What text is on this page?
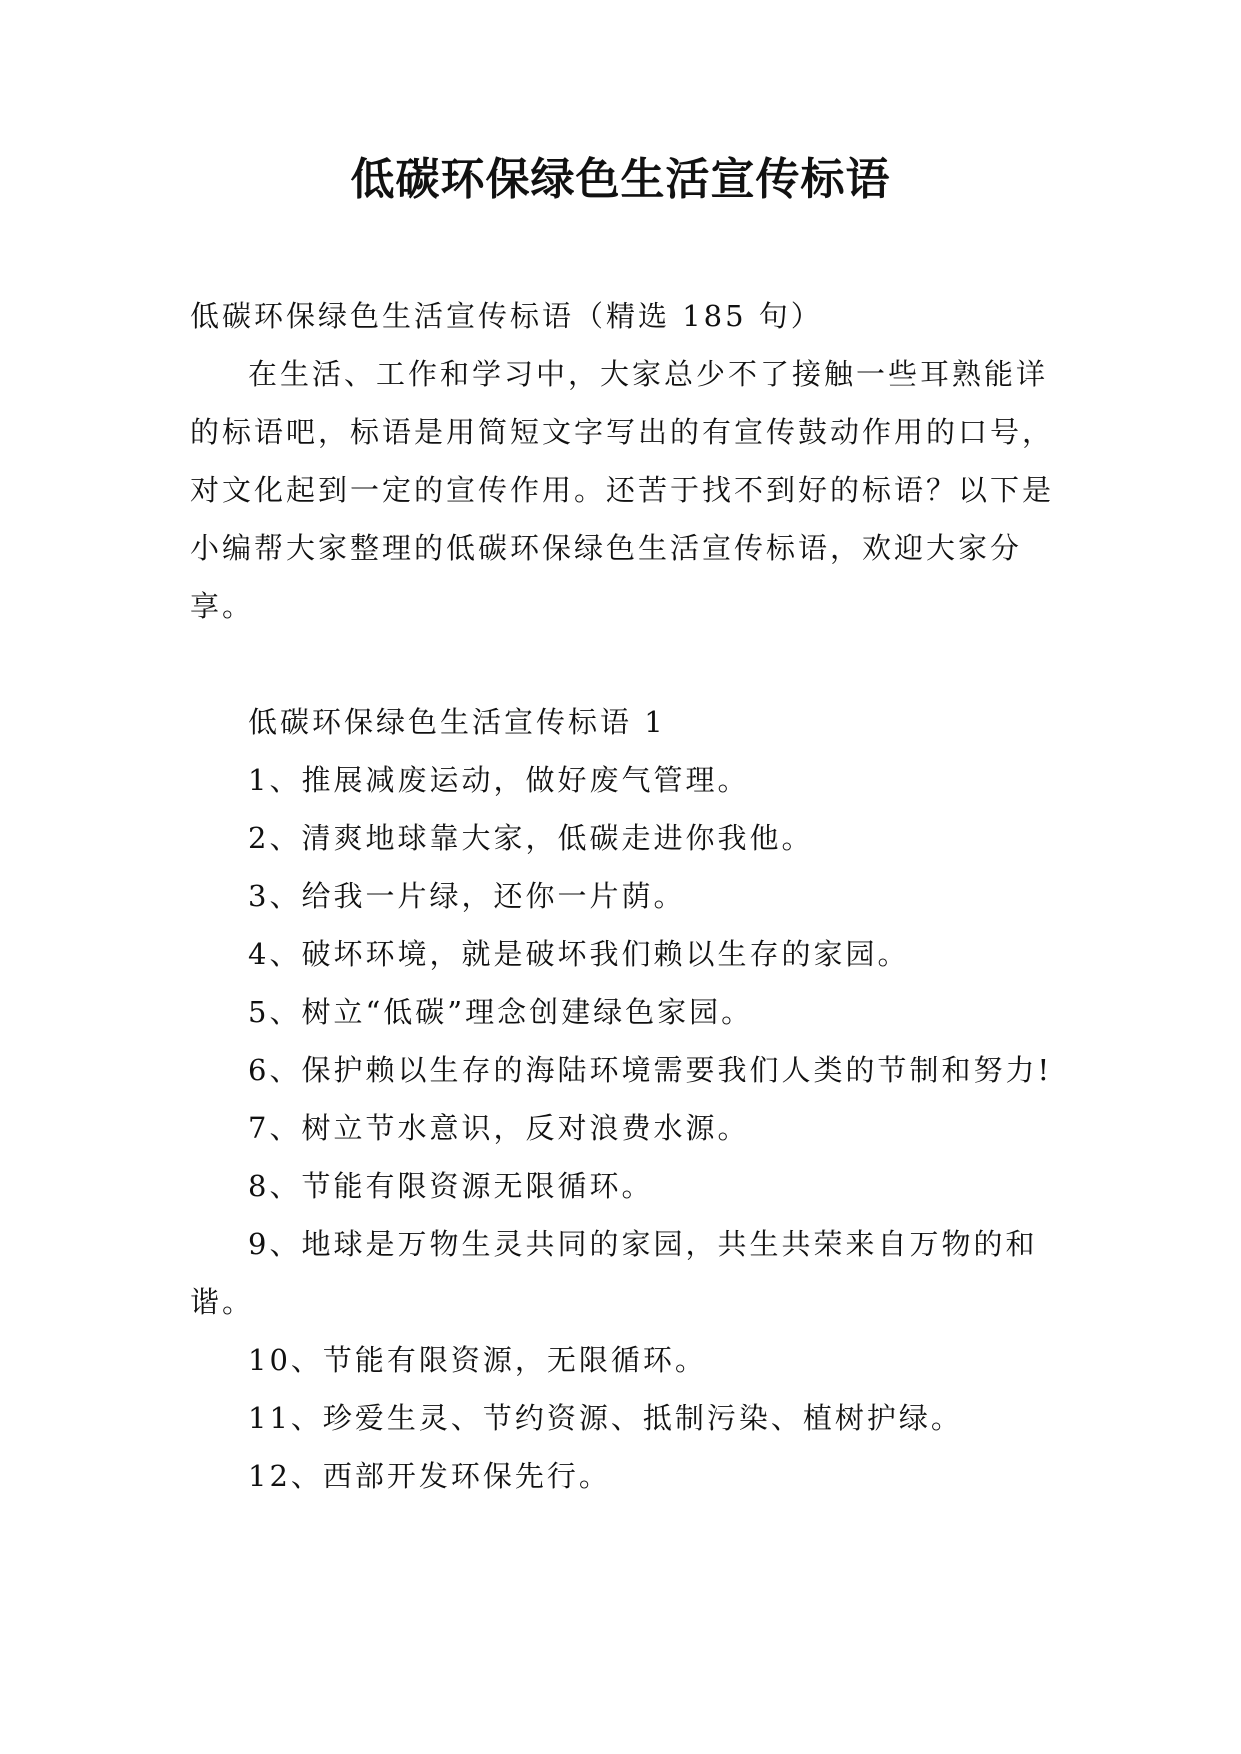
低碳环保绿色生活宣传标语

低碳环保绿色生活宣传标语（精选 185 句）

在生活、工作和学习中，大家总少不了接触一些耳熟能详的标语吧，标语是用简短文字写出的有宣传鼓动作用的口号，对文化起到一定的宣传作用。还苦于找不到好的标语？以下是小编帮大家整理的低碳环保绿色生活宣传标语，欢迎大家分享。

低碳环保绿色生活宣传标语 1

1、推展减废运动，做好废气管理。

2、清爽地球靠大家，低碳走进你我他。

3、给我一片绿，还你一片荫。

4、破坏环境，就是破坏我们赖以生存的家园。

5、树立“低碳”理念创建绿色家园。

6、保护赖以生存的海陆环境需要我们人类的节制和努力!

7、树立节水意识，反对浪费水源。

8、节能有限资源无限循环。

9、地球是万物生灵共同的家园，共生共荣来自万物的和谐。

10、节能有限资源，无限循环。

11、珍爱生灵、节约资源、抵制污染、植树护绿。

12、西部开发环保先行。
